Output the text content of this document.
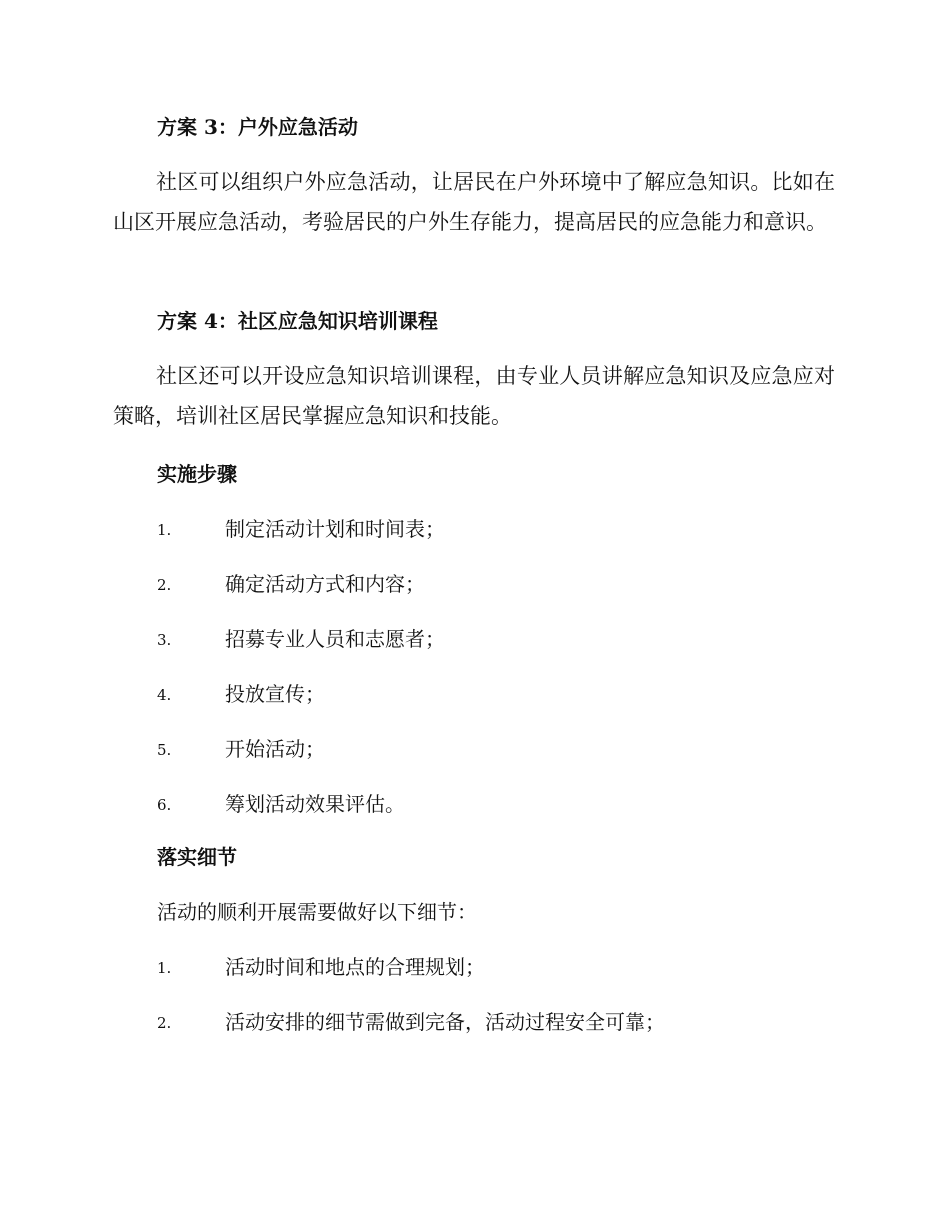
方案 3：户外应急活动
社区可以组织户外应急活动，让居民在户外环境中了解应急知识。比如在山区开展应急活动，考验居民的户外生存能力，提高居民的应急能力和意识。
方案 4：社区应急知识培训课程
社区还可以开设应急知识培训课程，由专业人员讲解应急知识及应急应对策略，培训社区居民掌握应急知识和技能。
实施步骤
1.	制定活动计划和时间表；
2.	确定活动方式和内容；
3.	招募专业人员和志愿者；
4.	投放宣传；
5.	开始活动；
6.	筹划活动效果评估。
落实细节
活动的顺利开展需要做好以下细节：
1.	活动时间和地点的合理规划；
2.	活动安排的细节需做到完备，活动过程安全可靠；
